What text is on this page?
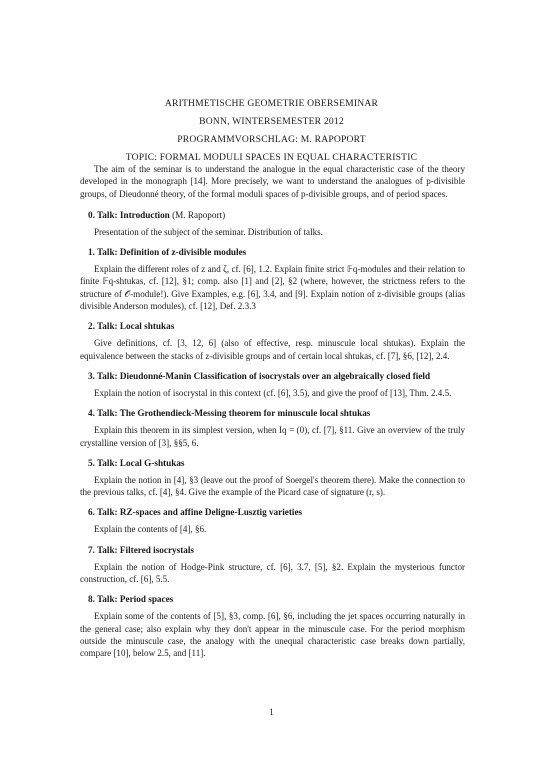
ARITHMETISCHE GEOMETRIE OBERSEMINAR
BONN, WINTERSEMESTER 2012
PROGRAMMVORSCHLAG: M. RAPOPORT
TOPIC: FORMAL MODULI SPACES IN EQUAL CHARACTERISTIC

The aim of the seminar is to understand the analogue in the equal characteristic case of the theory developed in the monograph [14]. More precisely, we want to understand the analogues of p-divisible groups, of Dieudonné theory, of the formal moduli spaces of p-divisible groups, and of period spaces.

0. Talk: Introduction (M. Rapoport)

Presentation of the subject of the seminar. Distribution of talks.

1. Talk: Definition of z-divisible modules

Explain the different roles of z and ζ, cf. [6], 1.2. Explain finite strict 𝔽q-modules and their relation to finite 𝔽q-shtukas, cf. [12], §1; comp. also [1] and [2], §2 (where, however, the strictness refers to the structure of 𝒪-module!). Give Examples, e.g. [6], 3.4, and [9]. Explain notion of z-divisible groups (alias divisible Anderson modules), cf. [12], Def. 2.3.3

2. Talk: Local shtukas

Give definitions, cf. [3, 12, 6] (also of effective, resp. minuscule local shtukas). Explain the equivalence between the stacks of z-divisible groups and of certain local shtukas, cf. [7], §6, [12], 2.4.

3. Talk: Dieudonné-Manin Classification of isocrystals over an algebraically closed field

Explain the notion of isocrystal in this context (cf. [6], 3.5), and give the proof of [13], Thm. 2.4.5.

4. Talk: The Grothendieck-Messing theorem for minuscule local shtukas

Explain this theorem in its simplest version, when Iq = (0), cf. [7], §11. Give an overview of the truly crystalline version of [3], §§5, 6.

5. Talk: Local G-shtukas

Explain the notion in [4], §3 (leave out the proof of Soergel's theorem there). Make the connection to the previous talks, cf. [4], §4. Give the example of the Picard case of signature (r, s).

6. Talk: RZ-spaces and affine Deligne-Lusztig varieties

Explain the contents of [4], §6.

7. Talk: Filtered isocrystals

Explain the notion of Hodge-Pink structure, cf. [6], 3.7, [5], §2. Explain the mysterious functor construction, cf. [6], 5.5.

8. Talk: Period spaces

Explain some of the contents of [5], §3, comp. [6], §6, including the jet spaces occurring naturally in the general case; also explain why they don't appear in the minuscule case. For the period morphism outside the minuscule case, the analogy with the unequal characteristic case breaks down partially, compare [10], below 2.5, and [11].

1
